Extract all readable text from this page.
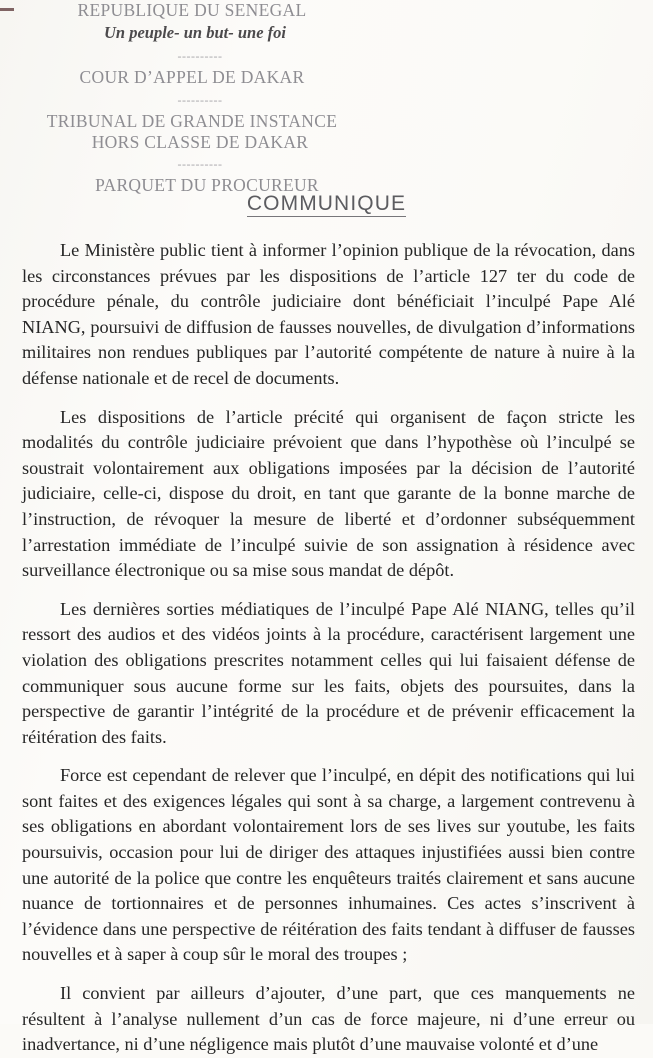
REPUBLIQUE DU SENEGAL
Un peuple- un but- une foi
----------
COUR D’APPEL DE DAKAR
----------
TRIBUNAL DE GRANDE INSTANCE
HORS CLASSE DE DAKAR
----------
PARQUET DU PROCUREUR
COMMUNIQUE

Le Ministère public tient à informer l’opinion publique de la révocation, dans les circonstances prévues par les dispositions de l’article 127 ter du code de procédure pénale, du contrôle judiciaire dont bénéficiait l’inculpé Pape Alé NIANG, poursuivi de diffusion de fausses nouvelles, de divulgation d’informations militaires non rendues publiques par l’autorité compétente de nature à nuire à la défense nationale et de recel de documents.

Les dispositions de l’article précité qui organisent de façon stricte les modalités du contrôle judiciaire prévoient que dans l’hypothèse où l’inculpé se soustrait volontairement aux obligations imposées par la décision de l’autorité judiciaire, celle-ci, dispose du droit, en tant que garante de la bonne marche de l’instruction, de révoquer la mesure de liberté et d’ordonner subséquemment l’arrestation immédiate de l’inculpé suivie de son assignation à résidence avec surveillance électronique ou sa mise sous mandat de dépôt.

Les dernières sorties médiatiques de l’inculpé Pape Alé NIANG, telles qu’il ressort des audios et des vidéos joints à la procédure, caractérisent largement une violation des obligations prescrites notamment celles qui lui faisaient défense de communiquer sous aucune forme sur les faits, objets des poursuites, dans la perspective de garantir l’intégrité de la procédure et de prévenir efficacement la réitération des faits.

Force est cependant de relever que l’inculpé, en dépit des notifications qui lui sont faites et des exigences légales qui sont à sa charge, a largement contrevenu à ses obligations en abordant volontairement lors de ses lives sur youtube, les faits poursuivis, occasion pour lui de diriger des attaques injustifiées aussi bien contre une autorité de la police que contre les enquêteurs traités clairement et sans aucune nuance de tortionnaires et de personnes inhumaines. Ces actes s’inscrivent à l’évidence dans une perspective de réitération des faits tendant à diffuser de fausses nouvelles et à saper à coup sûr le moral des troupes ;

Il convient par ailleurs d’ajouter, d’une part, que ces manquements ne résultent à l’analyse nullement d’un cas de force majeure, ni d’une erreur ou inadvertance, ni d’une négligence mais plutôt d’une mauvaise volonté et d’une
